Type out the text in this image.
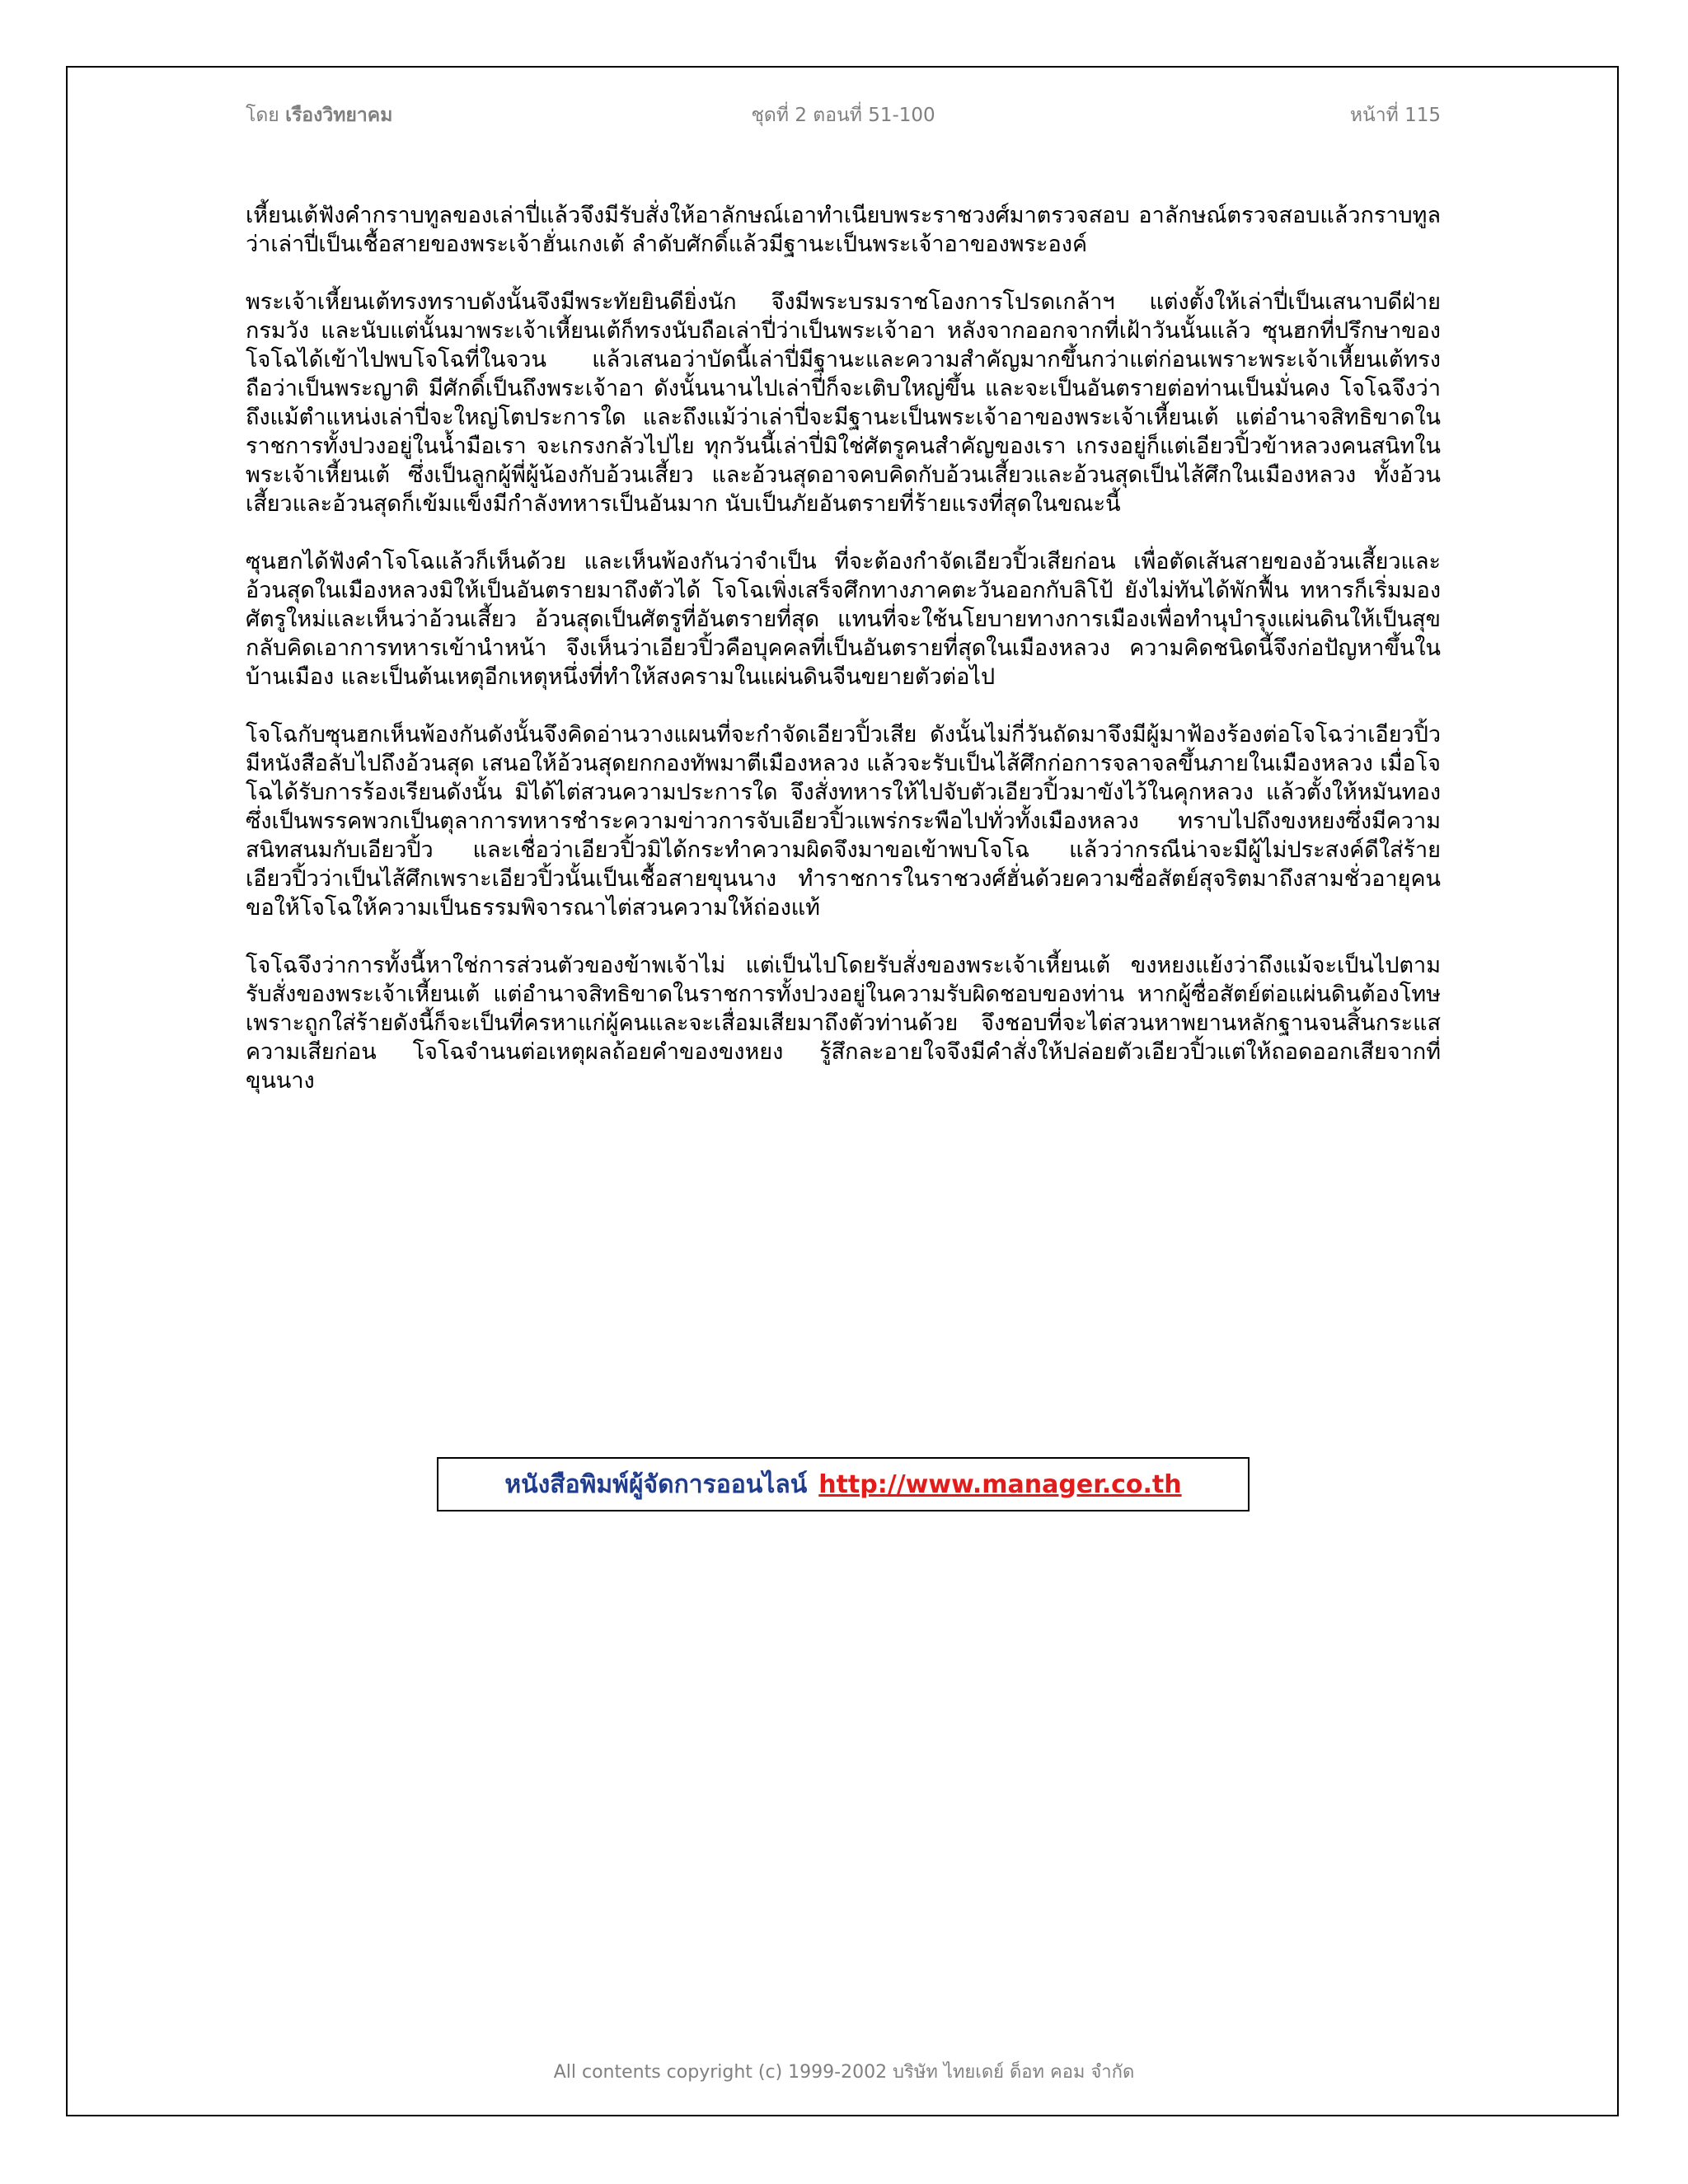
โดย เรืองวิทยาคม	ชุดที่ 2 ตอนที่ 51-100	หน้าที่ 115

เหี้ยนเต้ฟังคำกราบทูลของเล่าปี่แล้วจึงมีรับสั่งให้อาลักษณ์เอาทำเนียบพระราชวงศ์มาตรวจสอบ อาลักษณ์ตรวจสอบแล้วกราบทูลว่าเล่าปี่เป็นเชื้อสายของพระเจ้าฮั่นเกงเต้ ลำดับศักดิ์แล้วมีฐานะเป็นพระเจ้าอาของพระองค์

พระเจ้าเหี้ยนเต้ทรงทราบดังนั้นจึงมีพระทัยยินดียิ่งนัก จึงมีพระบรมราชโองการโปรดเกล้าฯ แต่งตั้งให้เล่าปี่เป็นเสนาบดีฝ่ายกรมวัง และนับแต่นั้นมาพระเจ้าเหี้ยนเต้ก็ทรงนับถือเล่าปี่ว่าเป็นพระเจ้าอา หลังจากออกจากที่เฝ้าวันนั้นแล้ว ซุนฮกที่ปรึกษาของโจโฉได้เข้าไปพบโจโฉที่ในจวน แล้วเสนอว่าบัดนี้เล่าปี่มีฐานะและความสำคัญมากขึ้นกว่าแต่ก่อนเพราะพระเจ้าเหี้ยนเต้ทรงถือว่าเป็นพระญาติ มีศักดิ์เป็นถึงพระเจ้าอา ดังนั้นนานไปเล่าปี่ก็จะเติบใหญ่ขึ้น และจะเป็นอันตรายต่อท่านเป็นมั่นคง โจโฉจึงว่า ถึงแม้ตำแหน่งเล่าปี่จะใหญ่โตประการใด และถึงแม้ว่าเล่าปี่จะมีฐานะเป็นพระเจ้าอาของพระเจ้าเหี้ยนเต้ แต่อำนาจสิทธิขาดในราชการทั้งปวงอยู่ในน้ำมือเรา จะเกรงกลัวไปไย ทุกวันนี้เล่าปี่มิใช่ศัตรูคนสำคัญของเรา เกรงอยู่ก็แต่เอียวปิ้วข้าหลวงคนสนิทในพระเจ้าเหี้ยนเต้ ซึ่งเป็นลูกผู้พี่ผู้น้องกับอ้วนเสี้ยว และอ้วนสุดอาจคบคิดกับอ้วนเสี้ยวและอ้วนสุดเป็นไส้ศึกในเมืองหลวง ทั้งอ้วนเสี้ยวและอ้วนสุดก็เข้มแข็งมีกำลังทหารเป็นอันมาก นับเป็นภัยอันตรายที่ร้ายแรงที่สุดในขณะนี้

ซุนฮกได้ฟังคำโจโฉแล้วก็เห็นด้วย และเห็นพ้องกันว่าจำเป็น ที่จะต้องกำจัดเอียวปิ้วเสียก่อน เพื่อตัดเส้นสายของอ้วนเสี้ยวและอ้วนสุดในเมืองหลวงมิให้เป็นอันตรายมาถึงตัวได้ โจโฉเพิ่งเสร็จศึกทางภาคตะวันออกกับลิโป้ ยังไม่ทันได้พักฟื้น ทหารก็เริ่มมองศัตรูใหม่และเห็นว่าอ้วนเสี้ยว อ้วนสุดเป็นศัตรูที่อันตรายที่สุด แทนที่จะใช้นโยบายทางการเมืองเพื่อทำนุบำรุงแผ่นดินให้เป็นสุขกลับคิดเอาการทหารเข้านำหน้า จึงเห็นว่าเอียวปิ้วคือบุคคลที่เป็นอันตรายที่สุดในเมืองหลวง ความคิดชนิดนี้จึงก่อปัญหาขึ้นในบ้านเมือง และเป็นต้นเหตุอีกเหตุหนึ่งที่ทำให้สงครามในแผ่นดินจีนขยายตัวต่อไป

โจโฉกับซุนฮกเห็นพ้องกันดังนั้นจึงคิดอ่านวางแผนที่จะกำจัดเอียวปิ้วเสีย ดังนั้นไม่กี่วันถัดมาจึงมีผู้มาฟ้องร้องต่อโจโฉว่าเอียวปิ้วมีหนังสือลับไปถึงอ้วนสุด เสนอให้อ้วนสุดยกกองทัพมาตีเมืองหลวง แล้วจะรับเป็นไส้ศึกก่อการจลาจลขึ้นภายในเมืองหลวง เมื่อโจโฉได้รับการร้องเรียนดังนั้น มิได้ไต่สวนความประการใด จึงสั่งทหารให้ไปจับตัวเอียวปิ้วมาขังไว้ในคุกหลวง แล้วตั้งให้หมันทองซึ่งเป็นพรรคพวกเป็นตุลาการทหารชำระความข่าวการจับเอียวปิ้วแพร่กระพือไปทั่วทั้งเมืองหลวง ทราบไปถึงขงหยงซึ่งมีความสนิทสนมกับเอียวปิ้ว และเชื่อว่าเอียวปิ้วมิได้กระทำความผิดจึงมาขอเข้าพบโจโฉ แล้วว่ากรณีน่าจะมีผู้ไม่ประสงค์ดีใส่ร้ายเอียวปิ้วว่าเป็นไส้ศึกเพราะเอียวปิ้วนั้นเป็นเชื้อสายขุนนาง ทำราชการในราชวงศ์ฮั่นด้วยความซื่อสัตย์สุจริตมาถึงสามชั่วอายุคน ขอให้โจโฉให้ความเป็นธรรมพิจารณาไต่สวนความให้ถ่องแท้

โจโฉจึงว่าการทั้งนี้หาใช่การส่วนตัวของข้าพเจ้าไม่ แต่เป็นไปโดยรับสั่งของพระเจ้าเหี้ยนเต้ ขงหยงแย้งว่าถึงแม้จะเป็นไปตามรับสั่งของพระเจ้าเหี้ยนเต้ แต่อำนาจสิทธิขาดในราชการทั้งปวงอยู่ในความรับผิดชอบของท่าน หากผู้ซื่อสัตย์ต่อแผ่นดินต้องโทษเพราะถูกใส่ร้ายดังนี้ก็จะเป็นที่ครหาแก่ผู้คนและจะเสื่อมเสียมาถึงตัวท่านด้วย จึงชอบที่จะไต่สวนหาพยานหลักฐานจนสิ้นกระแสความเสียก่อน โจโฉจำนนต่อเหตุผลถ้อยคำของขงหยง รู้สึกละอายใจจึงมีคำสั่งให้ปล่อยตัวเอียวปิ้วแต่ให้ถอดออกเสียจากที่ขุนนาง

หนังสือพิมพ์ผู้จัดการออนไลน์ http://www.manager.co.th
All contents copyright (c) 1999-2002 บริษัท ไทยเดย์ ด็อท คอม จำกัด
